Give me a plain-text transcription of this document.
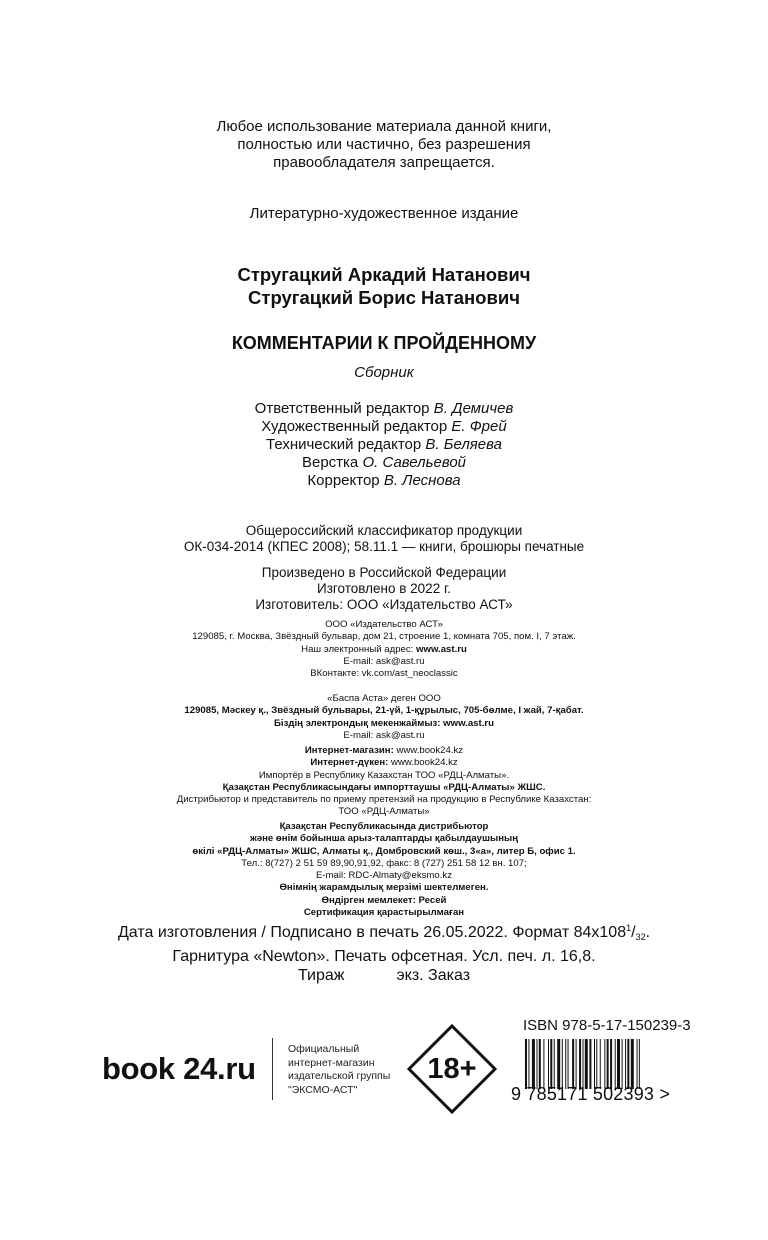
Любое использование материала данной книги,
полностью или частично, без разрешения
правообладателя запрещается.
Литературно-художественное издание
Стругацкий Аркадий Натанович
Стругацкий Борис Натанович
КОММЕНТАРИИ К ПРОЙДЕННОМУ
Сборник
Ответственный редактор В. Демичев
Художественный редактор Е. Фрей
Технический редактор В. Беляева
Верстка О. Савельевой
Корректор В. Леснова
Общероссийский классификатор продукции
ОК-034-2014 (КПЕС 2008); 58.11.1 — книги, брошюры печатные
Произведено в Российской Федерации
Изготовлено в 2022 г.
Изготовитель: ООО «Издательство АСТ»
ООО «Издательство АСТ»
129085, г. Москва, Звёздный бульвар, дом 21, строение 1, комната 705, пом. I, 7 этаж.
Наш электронный адрес: www.ast.ru
E-mail: ask@ast.ru
ВКонтакте: vk.com/ast_neoclassic
«Баспа Аста» деген ООО
129085, Мәскеу қ., Звёздный бульвары, 21-үй, 1-құрылыс, 705-бөлме, I жай, 7-қабат.
Біздің электрондық мекенжаймыз: www.ast.ru
E-mail: ask@ast.ru
Интернет-магазин: www.book24.kz
Интернет-дүкен: www.book24.kz
Импортёр в Республику Казахстан ТОО «РДЦ-Алматы».
Қазақстан Республикасындағы импорттаушы «РДЦ-Алматы» ЖШС.
Дистрибьютор и представитель по приему претензий на продукцию в Республике Казахстан:
ТОО «РДЦ-Алматы»
Қазақстан Республикасында дистрибьютор
және өнім бойынша арыз-талаптарды қабылдаушының
өкілі «РДЦ-Алматы» ЖШС, Алматы қ., Домбровский көш., 3«а», литер Б, офис 1.
Тел.: 8(727) 2 51 59 89,90,91,92, факс: 8 (727) 251 58 12 вн. 107;
E-mail: RDC-Almaty@eksmo.kz
Өнімнің жарамдылық мерзімі шектелмеген.
Өндірген мемлекет: Ресей
Сертификация қарастырылмаған
Дата изготовления / Подписано в печать 26.05.2022. Формат $84x108^1/_{32}$.
Гарнитура «Newton». Печать офсетная. Усл. печ. л. 16,8.
Тираж	экз. Заказ
book 24.ru
Официальный
интернет-магазин
издательской группы
"ЭКСМО-АСТ"
18+
ISBN 978-5-17-150239-3
9 785171 502393 >
